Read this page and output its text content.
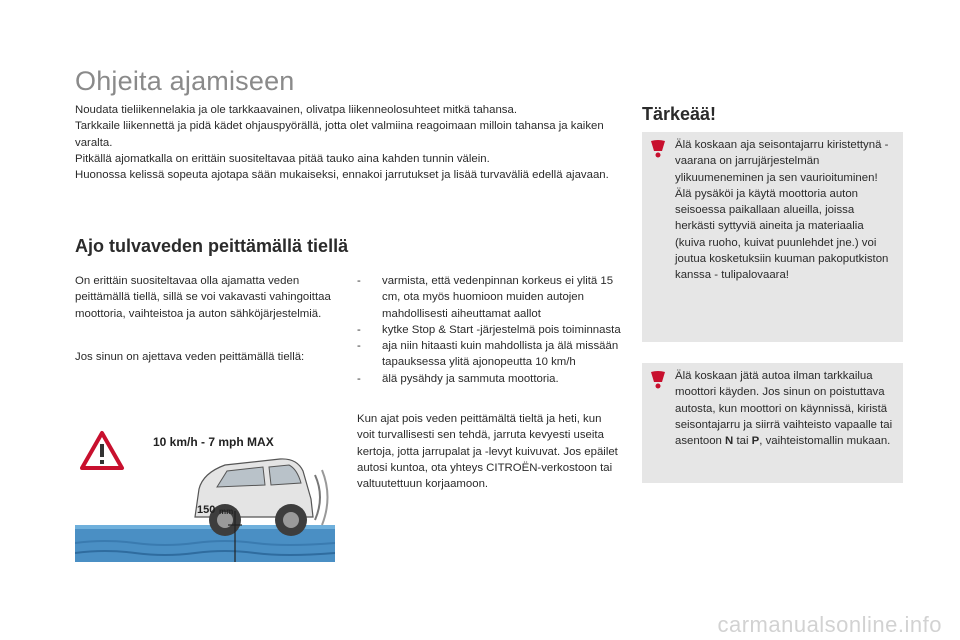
Ohjeita ajamiseen

Noudata tieliikennelakia ja ole tarkkaavainen, olivatpa liikenneolosuhteet mitkä tahansa.

Tarkkaile liikennettä ja pidä kädet ohjauspyörällä, jotta olet valmiina reagoimaan milloin tahansa ja kaiken varalta.

Pitkällä ajomatkalla on erittäin suositeltavaa pitää tauko aina kahden tunnin välein.

Huonossa kelissä sopeuta ajotapa sään mukaiseksi, ennakoi jarrutukset ja lisää turvaväliä edellä ajavaan.

Ajo tulvaveden peittämällä tiellä

On erittäin suositeltavaa olla ajamatta veden peittämällä tiellä, sillä se voi vakavasti vahingoittaa moottoria, vaihteistoa ja auton sähköjärjestelmiä.

Jos sinun on ajettava veden peittämällä tiellä:

- varmista, että vedenpinnan korkeus ei ylitä 15 cm, ota myös huomioon muiden autojen mahdollisesti aiheuttamat aallot
- kytke Stop & Start -järjestelmä pois toiminnasta
- aja niin hitaasti kuin mahdollista ja älä missään tapauksessa ylitä ajonopeutta 10 km/h
- älä pysähdy ja sammuta moottoria.

Kun ajat pois veden peittämältä tieltä ja heti, kun voit turvallisesti sen tehdä, jarruta kevyesti useita kertoja, jotta jarrupalat ja -levyt kuivuvat. Jos epäilet autosi kuntoa, ota yhteys CITROËN-verkostoon tai valtuutettuun korjaamoon.

10 km/h - 7 mph MAX
150 mm
Tärkeää!

Älä koskaan aja seisontajarru kiristettynä - vaarana on jarrujärjestelmän ylikuumeneminen ja sen vaurioituminen!

Älä pysäköi ja käytä moottoria auton seisoessa paikallaan alueilla, joissa herkästi syttyviä aineita ja materiaalia (kuiva ruoho, kuivat puunlehdet jne.) voi joutua kosketuksiin kuuman pakoputkiston kanssa - tulipalovaara!

Älä koskaan jätä autoa ilman tarkkailua moottori käyden. Jos sinun on poistuttava autosta, kun moottori on käynnissä, kiristä seisontajarru ja siirrä vaihteisto vapaalle tai asentoon N tai P, vaihteistomallin mukaan.

carmanualsonline.info
